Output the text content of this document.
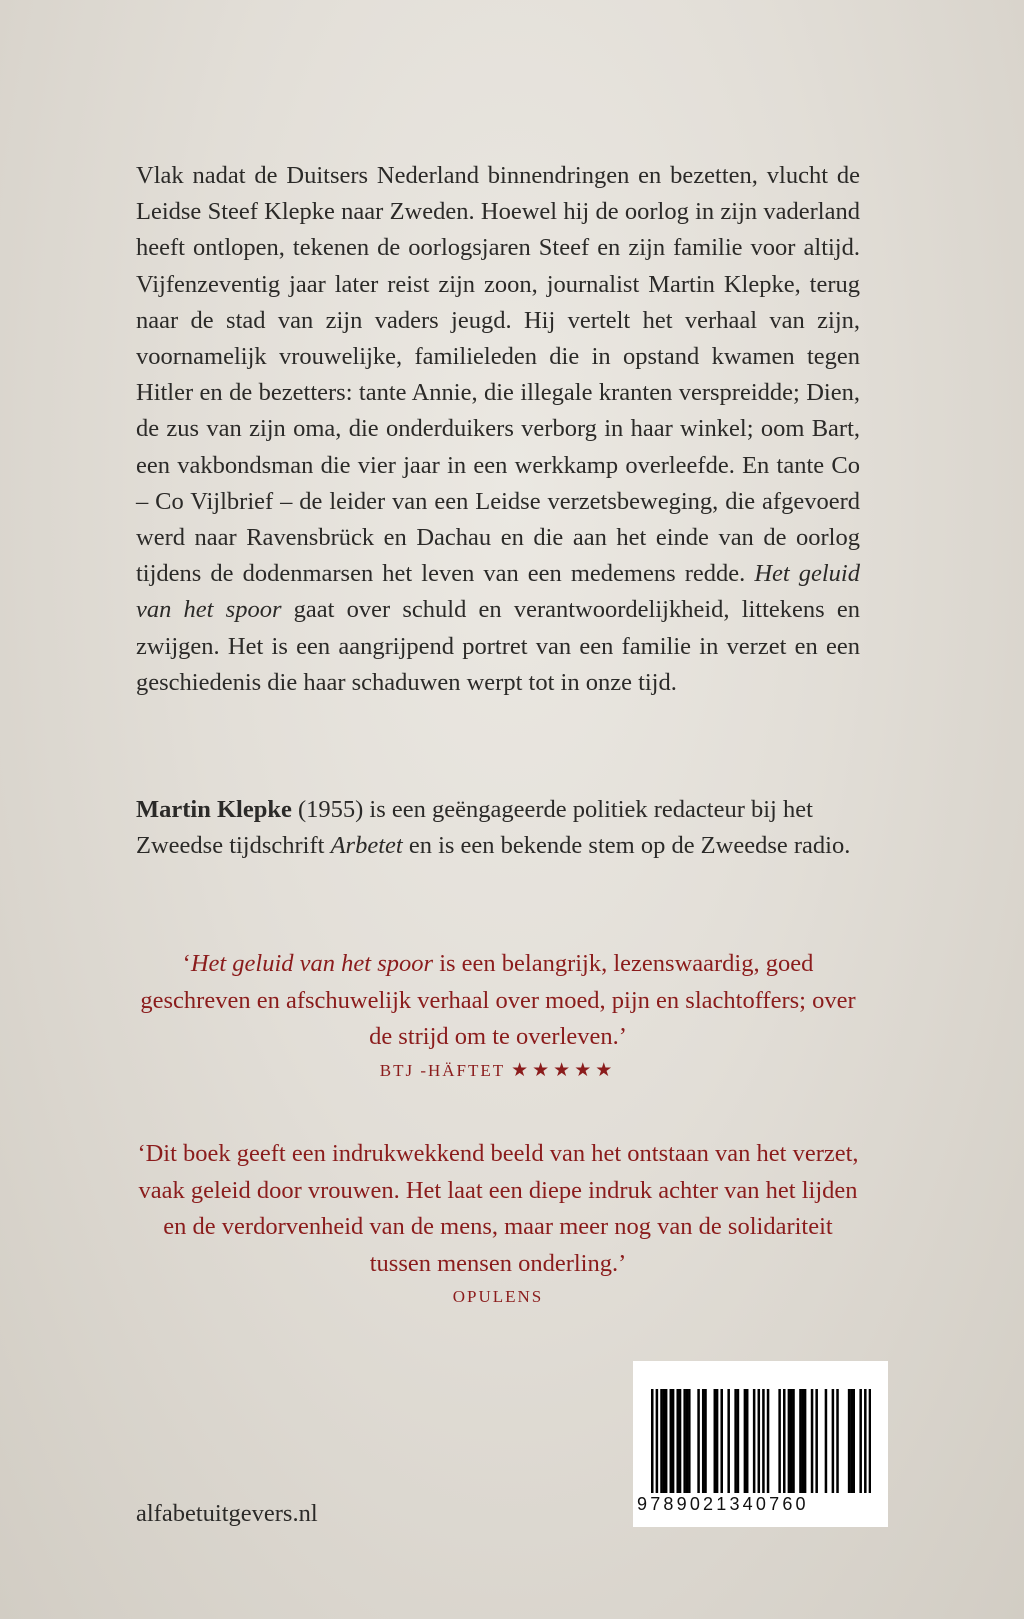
Vlak nadat de Duitsers Nederland binnendringen en bezetten, vlucht de Leidse Steef Klepke naar Zweden. Hoewel hij de oorlog in zijn vaderland heeft ontlopen, tekenen de oorlogsjaren Steef en zijn familie voor altijd. Vijfenzeventig jaar later reist zijn zoon, journalist Martin Klepke, terug naar de stad van zijn vaders jeugd. Hij vertelt het verhaal van zijn, voornamelijk vrouwelijke, familieleden die in opstand kwamen tegen Hitler en de bezetters: tante Annie, die illegale kranten verspreidde; Dien, de zus van zijn oma, die onderduikers verborg in haar winkel; oom Bart, een vakbondsman die vier jaar in een werkkamp overleefde. En tante Co – Co Vijlbrief – de leider van een Leidse verzetsbeweging, die afgevoerd werd naar Ravensbrück en Dachau en die aan het einde van de oorlog tijdens de dodenmarsen het leven van een medemens redde. Het geluid van het spoor gaat over schuld en verantwoordelijkheid, littekens en zwijgen. Het is een aangrijpend portret van een familie in verzet en een geschiedenis die haar schaduwen werpt tot in onze tijd.

Martin Klepke (1955) is een geëngageerde politiek redacteur bij het Zweedse tijdschrift Arbetet en is een bekende stem op de Zweedse radio.

‘Het geluid van het spoor is een belangrijk, lezenswaardig, goed geschreven en afschuwelijk verhaal over moed, pijn en slachtoffers; over de strijd om te overleven.’
BTJ -HÄFTET ★★★★★

‘Dit boek geeft een indrukwekkend beeld van het ontstaan van het verzet, vaak geleid door vrouwen. Het laat een diepe indruk achter van het lijden en de verdorvenheid van de mens, maar meer nog van de solidariteit tussen mensen onderling.’
OPULENS

9789021340760
alfabetuitgevers.nl
